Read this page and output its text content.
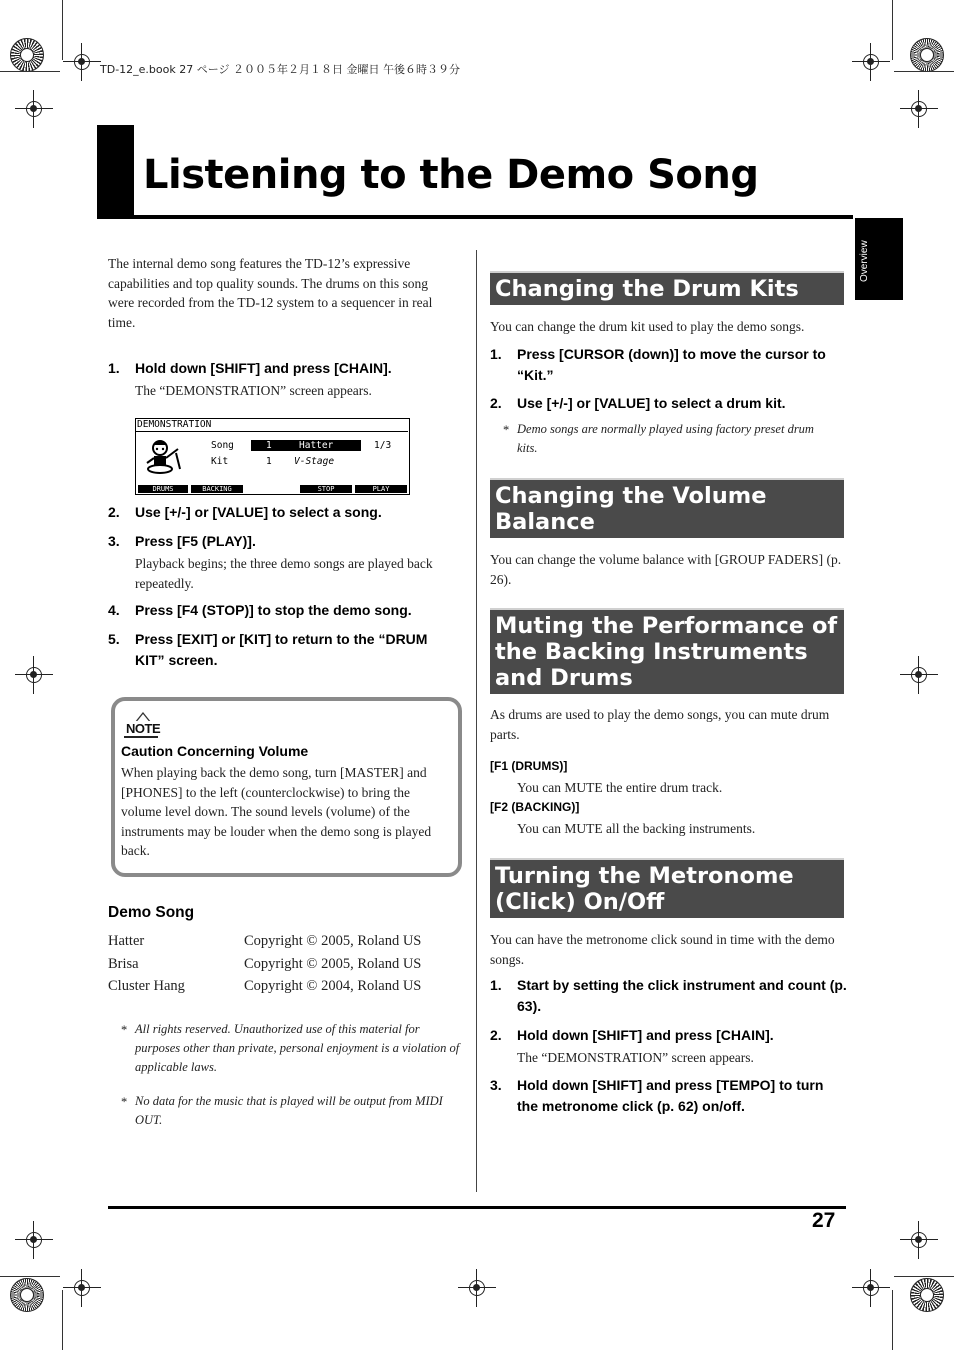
TD-12_e.book 27 ページ ２００５年２月１８日 金曜日 午後６時３９分
Listening to the Demo Song
Overview
The internal demo song features the TD-12’s expressive capabilities and top quality sounds. The drums on this song were recorded from the TD-12 system to a sequencer in real time.
1. Hold down [SHIFT] and press [CHAIN].
The “DEMONSTRATION” screen appears.
DEMONSTRATION
Song	1	Hatter	1/3
Kit	1 V-Stage
DRUMS	BACKING	STOP	PLAY
2. Use [+/-] or [VALUE] to select a song.
3. Press [F5 (PLAY)].
Playback begins; the three demo songs are played back repeatedly.
4. Press [F4 (STOP)] to stop the demo song.
5. Press [EXIT] or [KIT] to return to the “DRUM KIT” screen.
NOTE
Caution Concerning Volume
When playing back the demo song, turn [MASTER] and [PHONES] to the left (counterclockwise) to bring the volume level down. The sound levels (volume) of the instruments may be louder when the demo song is played back.
Demo Song
Hatter	Copyright © 2005, Roland US
Brisa	Copyright © 2005, Roland US
Cluster Hang	Copyright © 2004, Roland US
* All rights reserved. Unauthorized use of this material for purposes other than private, personal enjoyment is a violation of applicable laws.
* No data for the music that is played will be output from MIDI OUT.
Changing the Drum Kits
You can change the drum kit used to play the demo songs.
1. Press [CURSOR (down)] to move the cursor to “Kit.”
2. Use [+/-] or [VALUE] to select a drum kit.
* Demo songs are normally played using factory preset drum kits.
Changing the Volume Balance
You can change the volume balance with [GROUP FADERS] (p. 26).
Muting the Performance of the Backing Instruments and Drums
As drums are used to play the demo songs, you can mute drum parts.
[F1 (DRUMS)]
You can MUTE the entire drum track.
[F2 (BACKING)]
You can MUTE all the backing instruments.
Turning the Metronome (Click) On/Off
You can have the metronome click sound in time with the demo songs.
1. Start by setting the click instrument and count (p. 63).
2. Hold down [SHIFT] and press [CHAIN].
The “DEMONSTRATION” screen appears.
3. Hold down [SHIFT] and press [TEMPO] to turn the metronome click (p. 62) on/off.
27
